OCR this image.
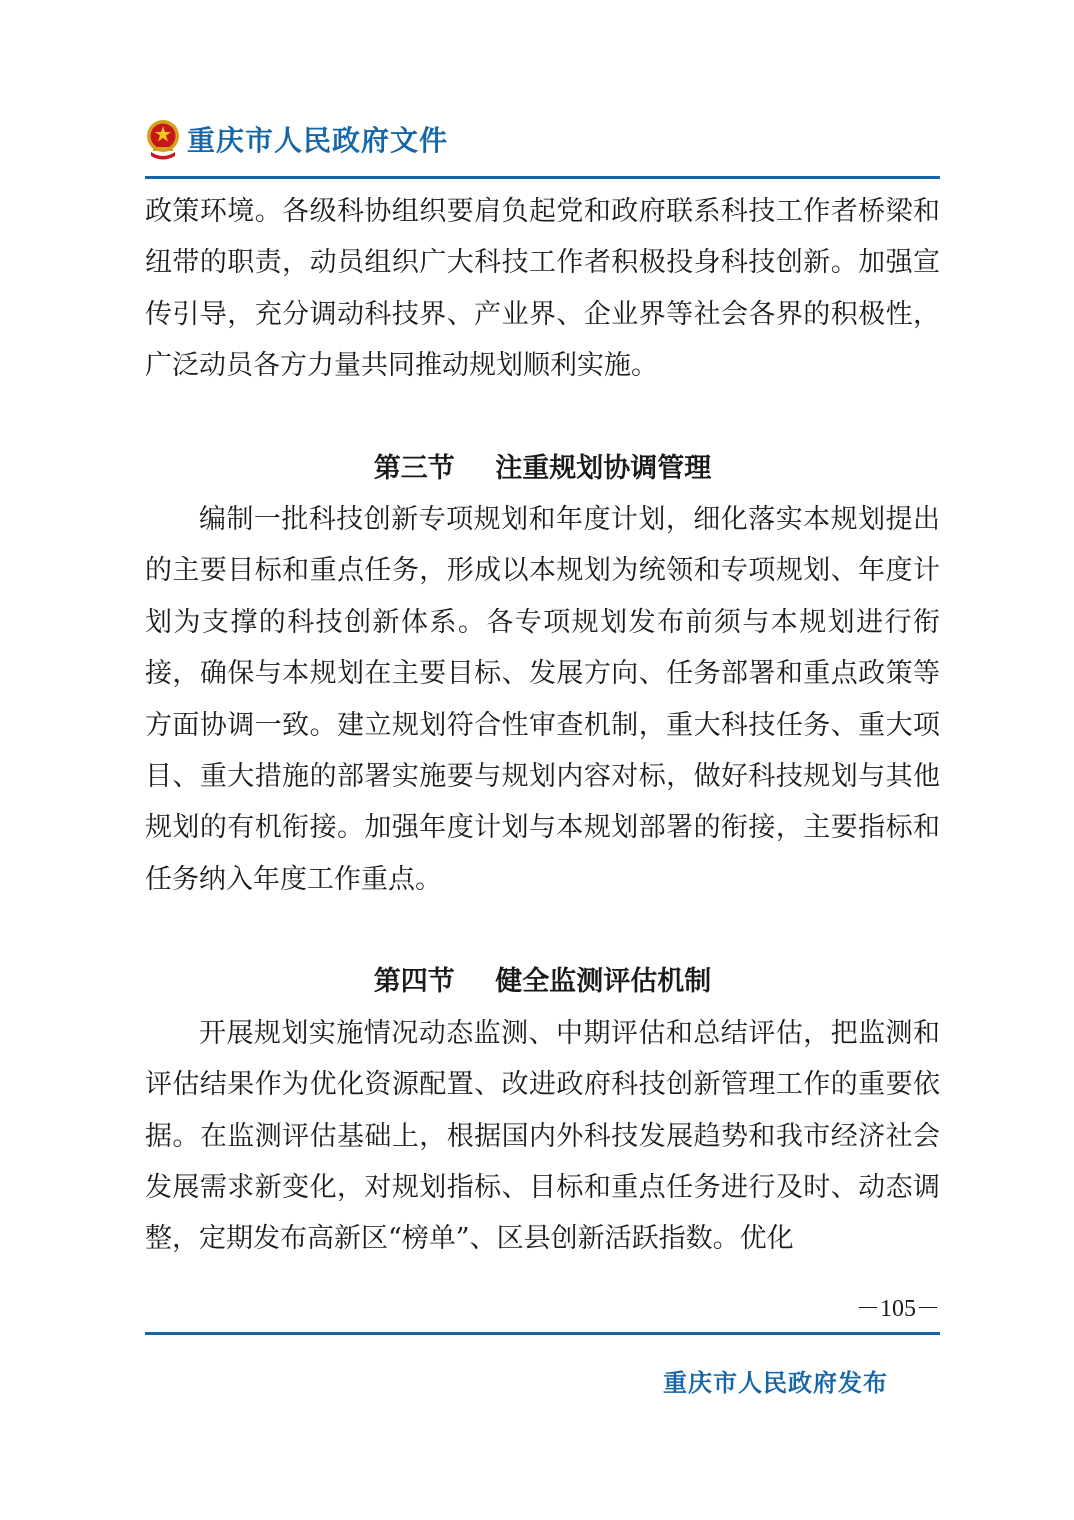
重庆市人民政府文件

政策环境。各级科协组织要肩负起党和政府联系科技工作者桥梁和纽带的职责，动员组织广大科技工作者积极投身科技创新。加强宣传引导，充分调动科技界、产业界、企业界等社会各界的积极性，广泛动员各方力量共同推动规划顺利实施。

第三节 注重规划协调管理

编制一批科技创新专项规划和年度计划，细化落实本规划提出的主要目标和重点任务，形成以本规划为统领和专项规划、年度计划为支撑的科技创新体系。各专项规划发布前须与本规划进行衔接，确保与本规划在主要目标、发展方向、任务部署和重点政策等方面协调一致。建立规划符合性审查机制，重大科技任务、重大项目、重大措施的部署实施要与规划内容对标，做好科技规划与其他规划的有机衔接。加强年度计划与本规划部署的衔接，主要指标和任务纳入年度工作重点。

第四节 健全监测评估机制

开展规划实施情况动态监测、中期评估和总结评估，把监测和评估结果作为优化资源配置、改进政府科技创新管理工作的重要依据。在监测评估基础上，根据国内外科技发展趋势和我市经济社会发展需求新变化，对规划指标、目标和重点任务进行及时、动态调整，定期发布高新区“榜单”、区县创新活跃指数。优化

－105－
重庆市人民政府发布
